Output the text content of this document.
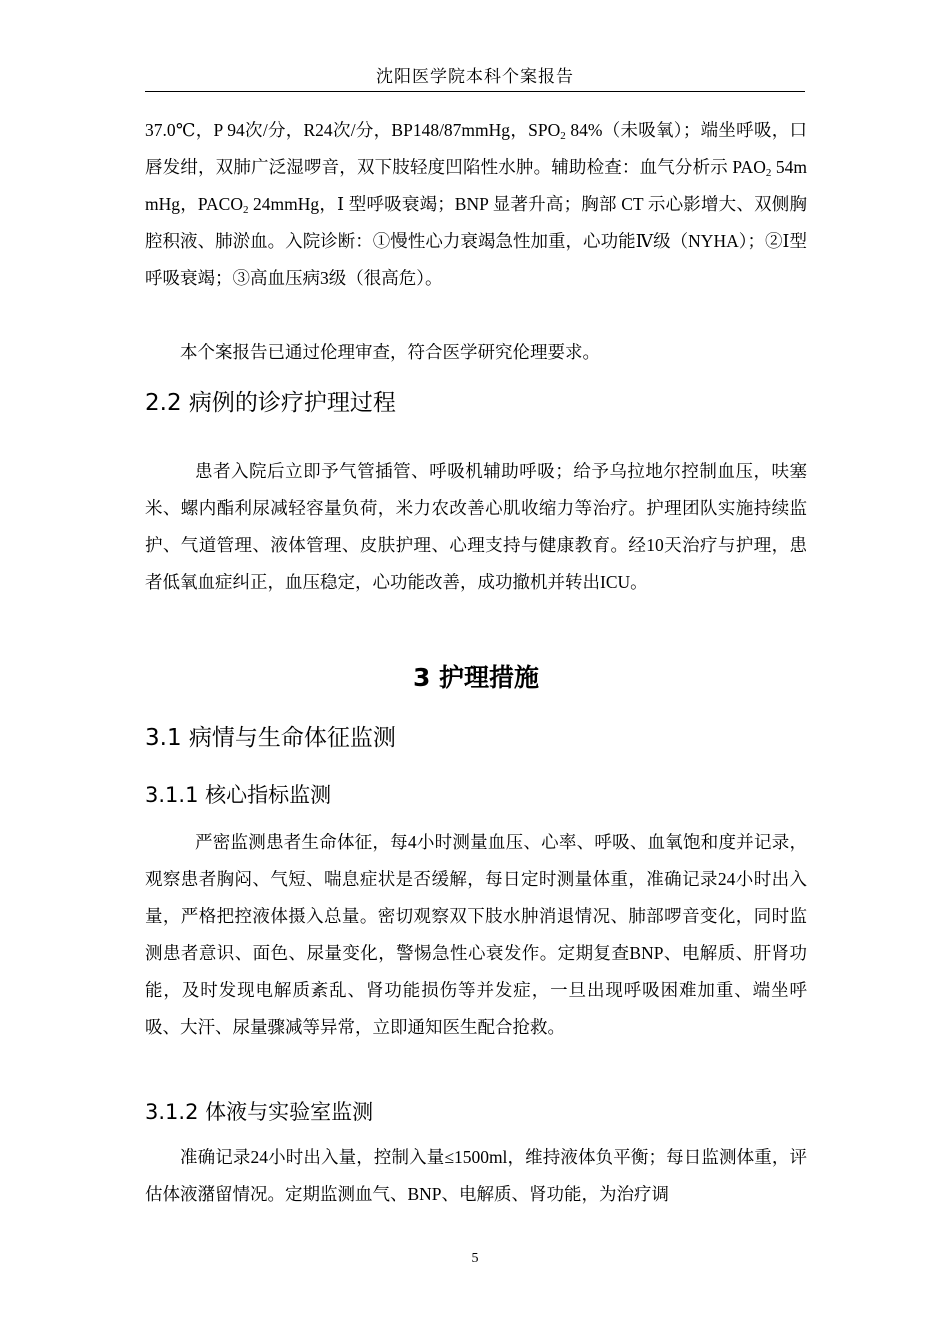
沈阳医学院本科个案报告

37.0℃，P 94次/分，R24次/分，BP148/87mmHg，$SPO_2$ 84%（未吸氧）；端坐呼吸，口唇发绀，双肺广泛湿啰音，双下肢轻度凹陷性水肿。辅助检查：血气分析示 $PAO_2$ 54mmHg，$PACO_2$ 24mmHg，Ⅰ 型呼吸衰竭；BNP 显著升高；胸部 CT 示心影增大、双侧胸腔积液、肺淤血。入院诊断：①慢性心力衰竭急性加重，心功能Ⅳ级（NYHA）；②Ⅰ型呼吸衰竭；③高血压病3级（很高危）。

本个案报告已通过伦理审查，符合医学研究伦理要求。

2.2 病例的诊疗护理过程

患者入院后立即予气管插管、呼吸机辅助呼吸；给予乌拉地尔控制血压，呋塞米、螺内酯利尿减轻容量负荷，米力农改善心肌收缩力等治疗。护理团队实施持续监护、气道管理、液体管理、皮肤护理、心理支持与健康教育。经10天治疗与护理，患者低氧血症纠正，血压稳定，心功能改善，成功撤机并转出ICU。

3 护理措施
3.1 病情与生命体征监测
3.1.1 核心指标监测

严密监测患者生命体征，每4小时测量血压、心率、呼吸、血氧饱和度并记录，观察患者胸闷、气短、喘息症状是否缓解，每日定时测量体重，准确记录24小时出入量，严格把控液体摄入总量。密切观察双下肢水肿消退情况、肺部啰音变化，同时监测患者意识、面色、尿量变化，警惕急性心衰发作。定期复查BNP、电解质、肝肾功能，及时发现电解质紊乱、肾功能损伤等并发症，一旦出现呼吸困难加重、端坐呼吸、大汗、尿量骤减等异常，立即通知医生配合抢救。

3.1.2 体液与实验室监测

准确记录24小时出入量，控制入量≤1500ml，维持液体负平衡；每日监测体重，评估体液潴留情况。定期监测血气、BNP、电解质、肾功能，为治疗调

5
